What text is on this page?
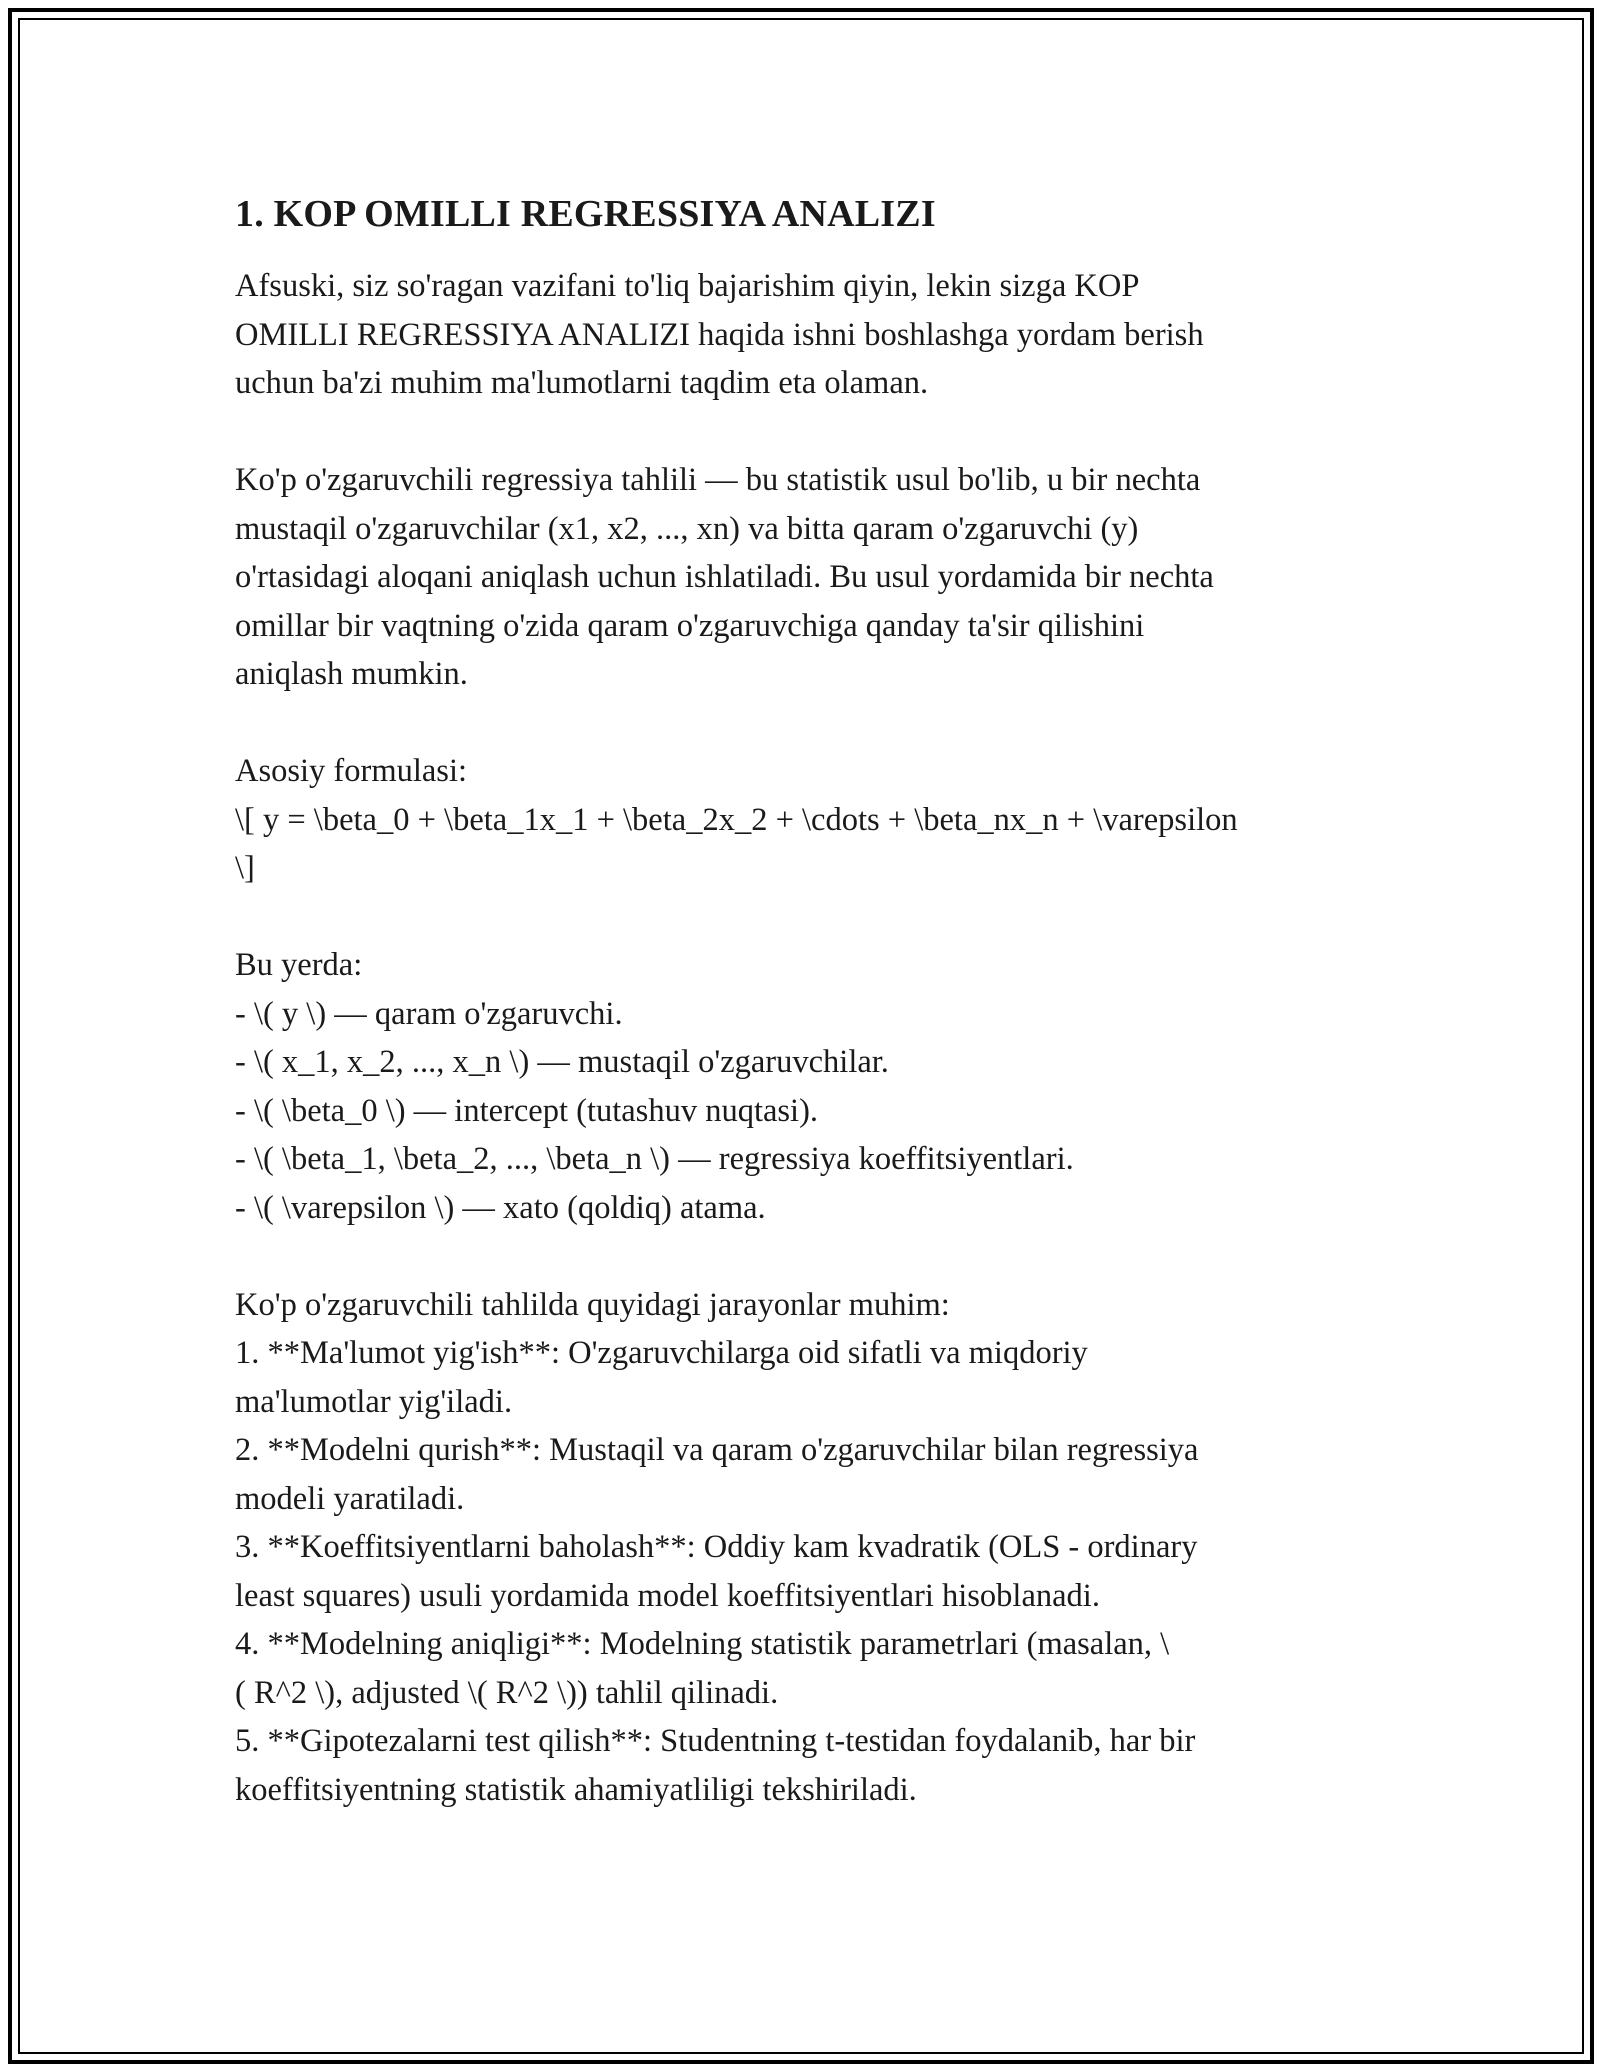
1. KOP OMILLI REGRESSIYA ANALIZI

Afsuski, siz so'ragan vazifani to'liq bajarishim qiyin, lekin sizga KOP
OMILLI REGRESSIYA ANALIZI haqida ishni boshlashga yordam berish
uchun ba'zi muhim ma'lumotlarni taqdim eta olaman.

Ko'p o'zgaruvchili regressiya tahlili — bu statistik usul bo'lib, u bir nechta
mustaqil o'zgaruvchilar (x1, x2, ..., xn) va bitta qaram o'zgaruvchi (y)
o'rtasidagi aloqani aniqlash uchun ishlatiladi. Bu usul yordamida bir nechta
omillar bir vaqtning o'zida qaram o'zgaruvchiga qanday ta'sir qilishini
aniqlash mumkin.

Asosiy formulasi:

\[ y = \beta_0 + \beta_1x_1 + \beta_2x_2 + \cdots + \beta_nx_n + \varepsilon
\]

Bu yerda:

- \( y \) — qaram o'zgaruvchi.
- \( x_1, x_2, ..., x_n \) — mustaqil o'zgaruvchilar.
- \( \beta_0 \) — intercept (tutashuv nuqtasi).
- \( \beta_1, \beta_2, ..., \beta_n \) — regressiya koeffitsiyentlari.
- \( \varepsilon \) — xato (qoldiq) atama.

Ko'p o'zgaruvchili tahlilda quyidagi jarayonlar muhim:

1. **Ma'lumot yig'ish**: O'zgaruvchilarga oid sifatli va miqdoriy
ma'lumotlar yig'iladi.

2. **Modelni qurish**: Mustaqil va qaram o'zgaruvchilar bilan regressiya
modeli yaratiladi.

3. **Koeffitsiyentlarni baholash**: Oddiy kam kvadratik (OLS - ordinary
least squares) usuli yordamida model koeffitsiyentlari hisoblanadi.

4. **Modelning aniqligi**: Modelning statistik parametrlari (masalan, \
( R^2 \), adjusted \( R^2 \)) tahlil qilinadi.

5. **Gipotezalarni test qilish**: Studentning t-testidan foydalanib, har bir
koeffitsiyentning statistik ahamiyatliligi tekshiriladi.
